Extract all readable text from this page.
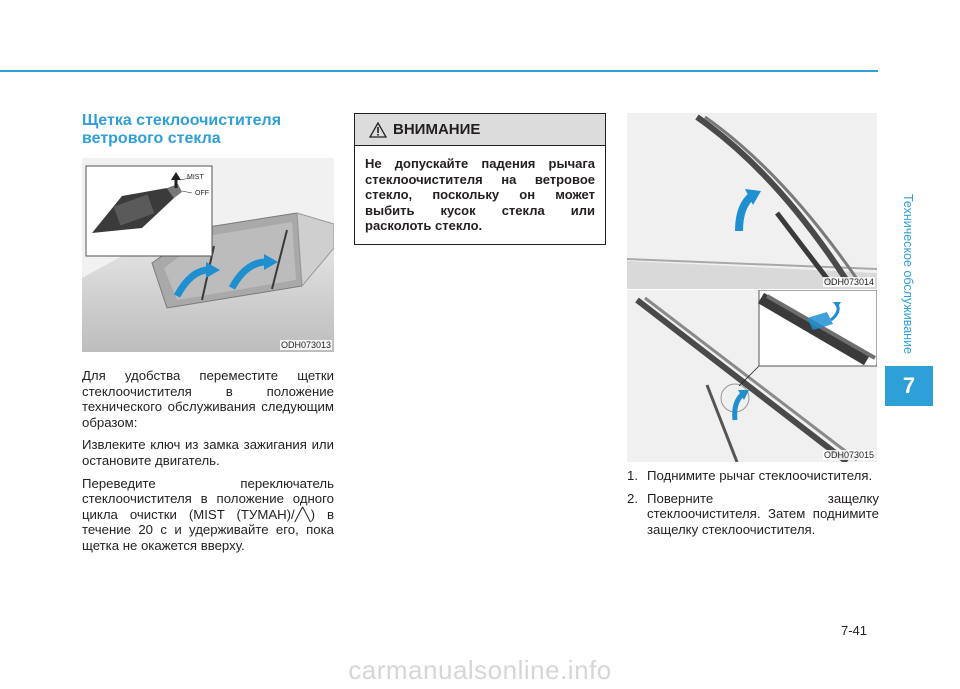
Щетка стеклоочистителя
ветрового стекла
MIST
OFF
ODH073013

Для удобства переместите щетки стеклоочистителя в положение технического обслуживания следующим образом:

Извлеките ключ из замка зажигания или остановите двигатель.

Переведите переключатель стеклоочистителя в положение одного цикла очистки (MIST (ТУМАН)/╱╲) в течение 20 с и удерживайте его, пока щетка не окажется вверху.

ВНИМАНИЕ
Не допускайте падения рычага стеклоочистителя на ветровое стекло, поскольку он может выбить кусок стекла или расколоть стекло.
ODH073014
ODH073015
1. Поднимите рычаг стеклоочистителя.
2. Поверните защелку стеклоочистителя. Затем поднимите защелку стеклоочистителя.
Техническое обслуживание
7
7-41
carmanualsonline.info
